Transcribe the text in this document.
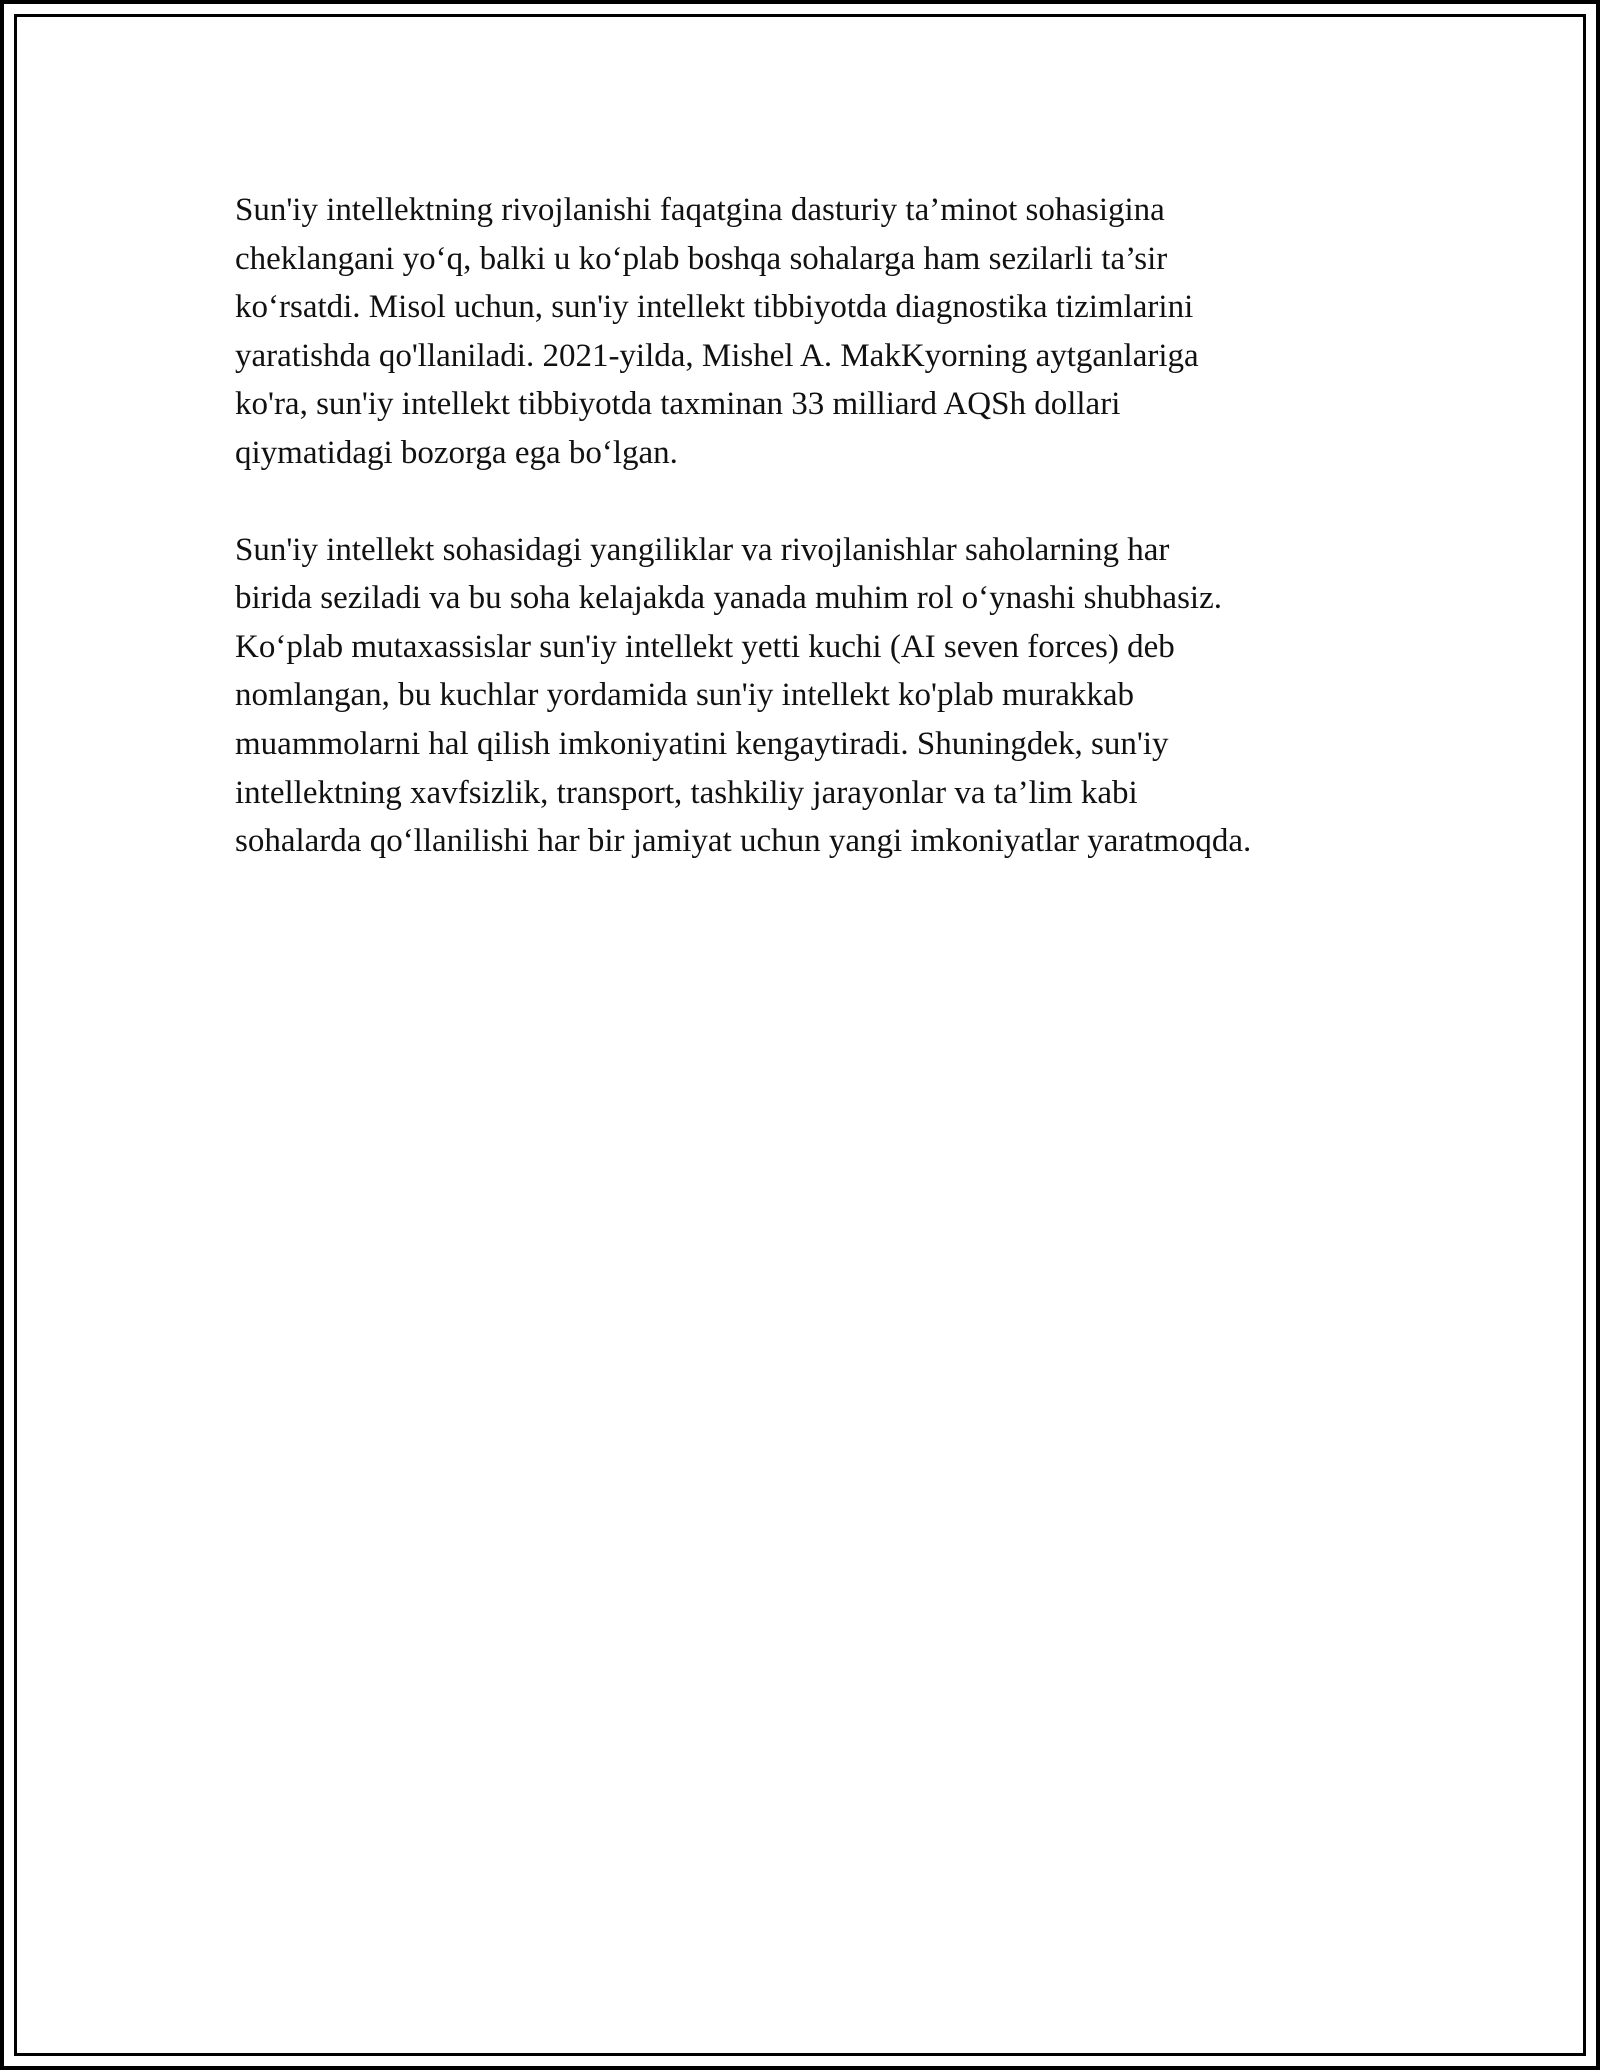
Sun'iy intellektning rivojlanishi faqatgina dasturiy ta’minot sohasigina
cheklangani yo‘q, balki u ko‘plab boshqa sohalarga ham sezilarli ta’sir
ko‘rsatdi. Misol uchun, sun'iy intellekt tibbiyotda diagnostika tizimlarini
yaratishda qo'llaniladi. 2021-yilda, Mishel A. MakKyorning aytganlariga
ko'ra, sun'iy intellekt tibbiyotda taxminan 33 milliard AQSh dollari
qiymatidagi bozorga ega bo‘lgan.

Sun'iy intellekt sohasidagi yangiliklar va rivojlanishlar saholarning har
birida seziladi va bu soha kelajakda yanada muhim rol o‘ynashi shubhasiz.
Ko‘plab mutaxassislar sun'iy intellekt yetti kuchi (AI seven forces) deb
nomlangan, bu kuchlar yordamida sun'iy intellekt ko'plab murakkab
muammolarni hal qilish imkoniyatini kengaytiradi. Shuningdek, sun'iy
intellektning xavfsizlik, transport, tashkiliy jarayonlar va ta’lim kabi
sohalarda qo‘llanilishi har bir jamiyat uchun yangi imkoniyatlar yaratmoqda.
